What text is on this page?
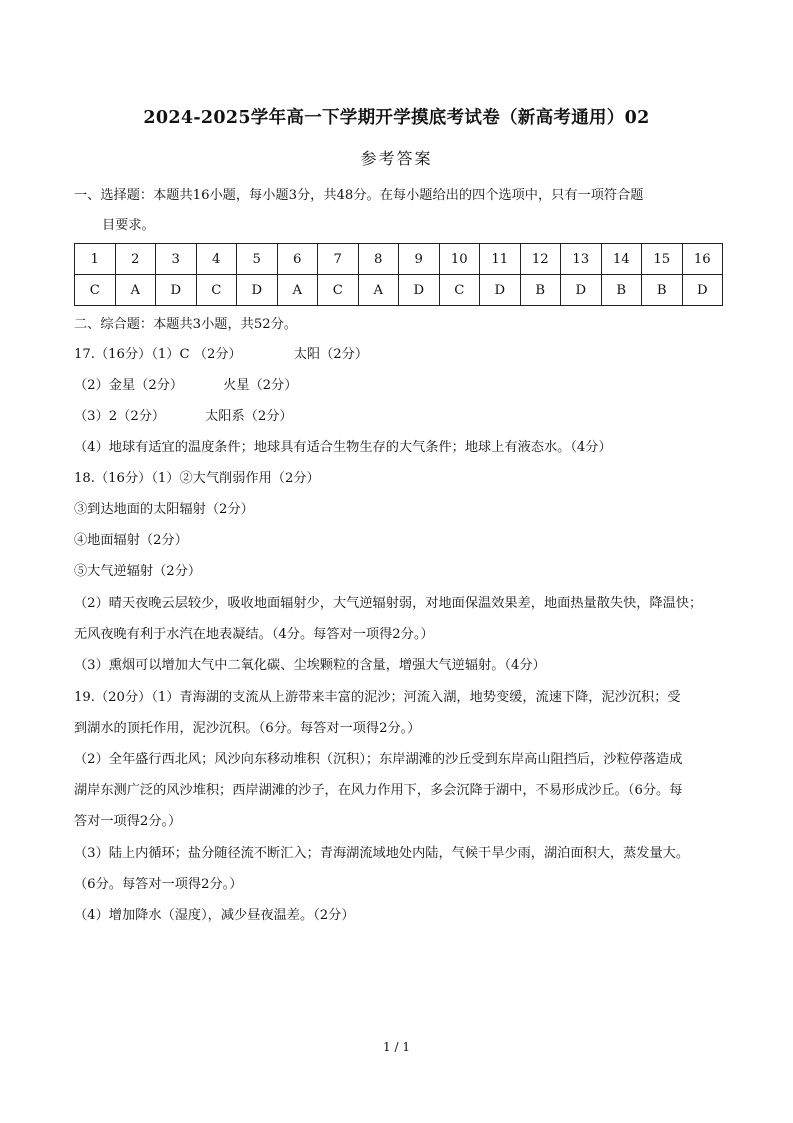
2024-2025学年高一下学期开学摸底考试卷（新高考通用）02
参考答案
一、选择题：本题共16小题，每小题3分，共48分。在每小题给出的四个选项中，只有一项符合题
目要求。
1	2	3	4	5	6	7	8	9	10	11	12	13	14	15	16
C	A	D	C	D	A	C	A	D	C	D	B	D	B	B	D
二、综合题：本题共3小题，共52分。
17.（16分）（1）C （2分）	太阳（2分）
（2）金星（2分）	火星（2分）
（3）2（2分）	太阳系（2分）
（4）地球有适宜的温度条件；地球具有适合生物生存的大气条件；地球上有液态水。（4分）
18.（16分）（1）②大气削弱作用（2分）
③到达地面的太阳辐射（2分）
④地面辐射（2分）
⑤大气逆辐射（2分）
（2）晴天夜晚云层较少，吸收地面辐射少，大气逆辐射弱，对地面保温效果差，地面热量散失快，降温快；
无风夜晚有利于水汽在地表凝结。（4分。每答对一项得2分。）
（3）熏烟可以增加大气中二氧化碳、尘埃颗粒的含量，增强大气逆辐射。（4分）
19.（20分）（1）青海湖的支流从上游带来丰富的泥沙；河流入湖，地势变缓，流速下降，泥沙沉积；受
到湖水的顶托作用，泥沙沉积。（6分。每答对一项得2分。）
（2）全年盛行西北风；风沙向东移动堆积（沉积）；东岸湖滩的沙丘受到东岸高山阻挡后，沙粒停落造成
湖岸东测广泛的风沙堆积；西岸湖滩的沙子，在风力作用下，多会沉降于湖中，不易形成沙丘。（6分。每
答对一项得2分。）
（3）陆上内循环；盐分随径流不断汇入；青海湖流域地处内陆，气候干旱少雨，湖泊面积大，蒸发量大。
（6分。每答对一项得2分。）
（4）增加降水（湿度），减少昼夜温差。（2分）
1 / 1
